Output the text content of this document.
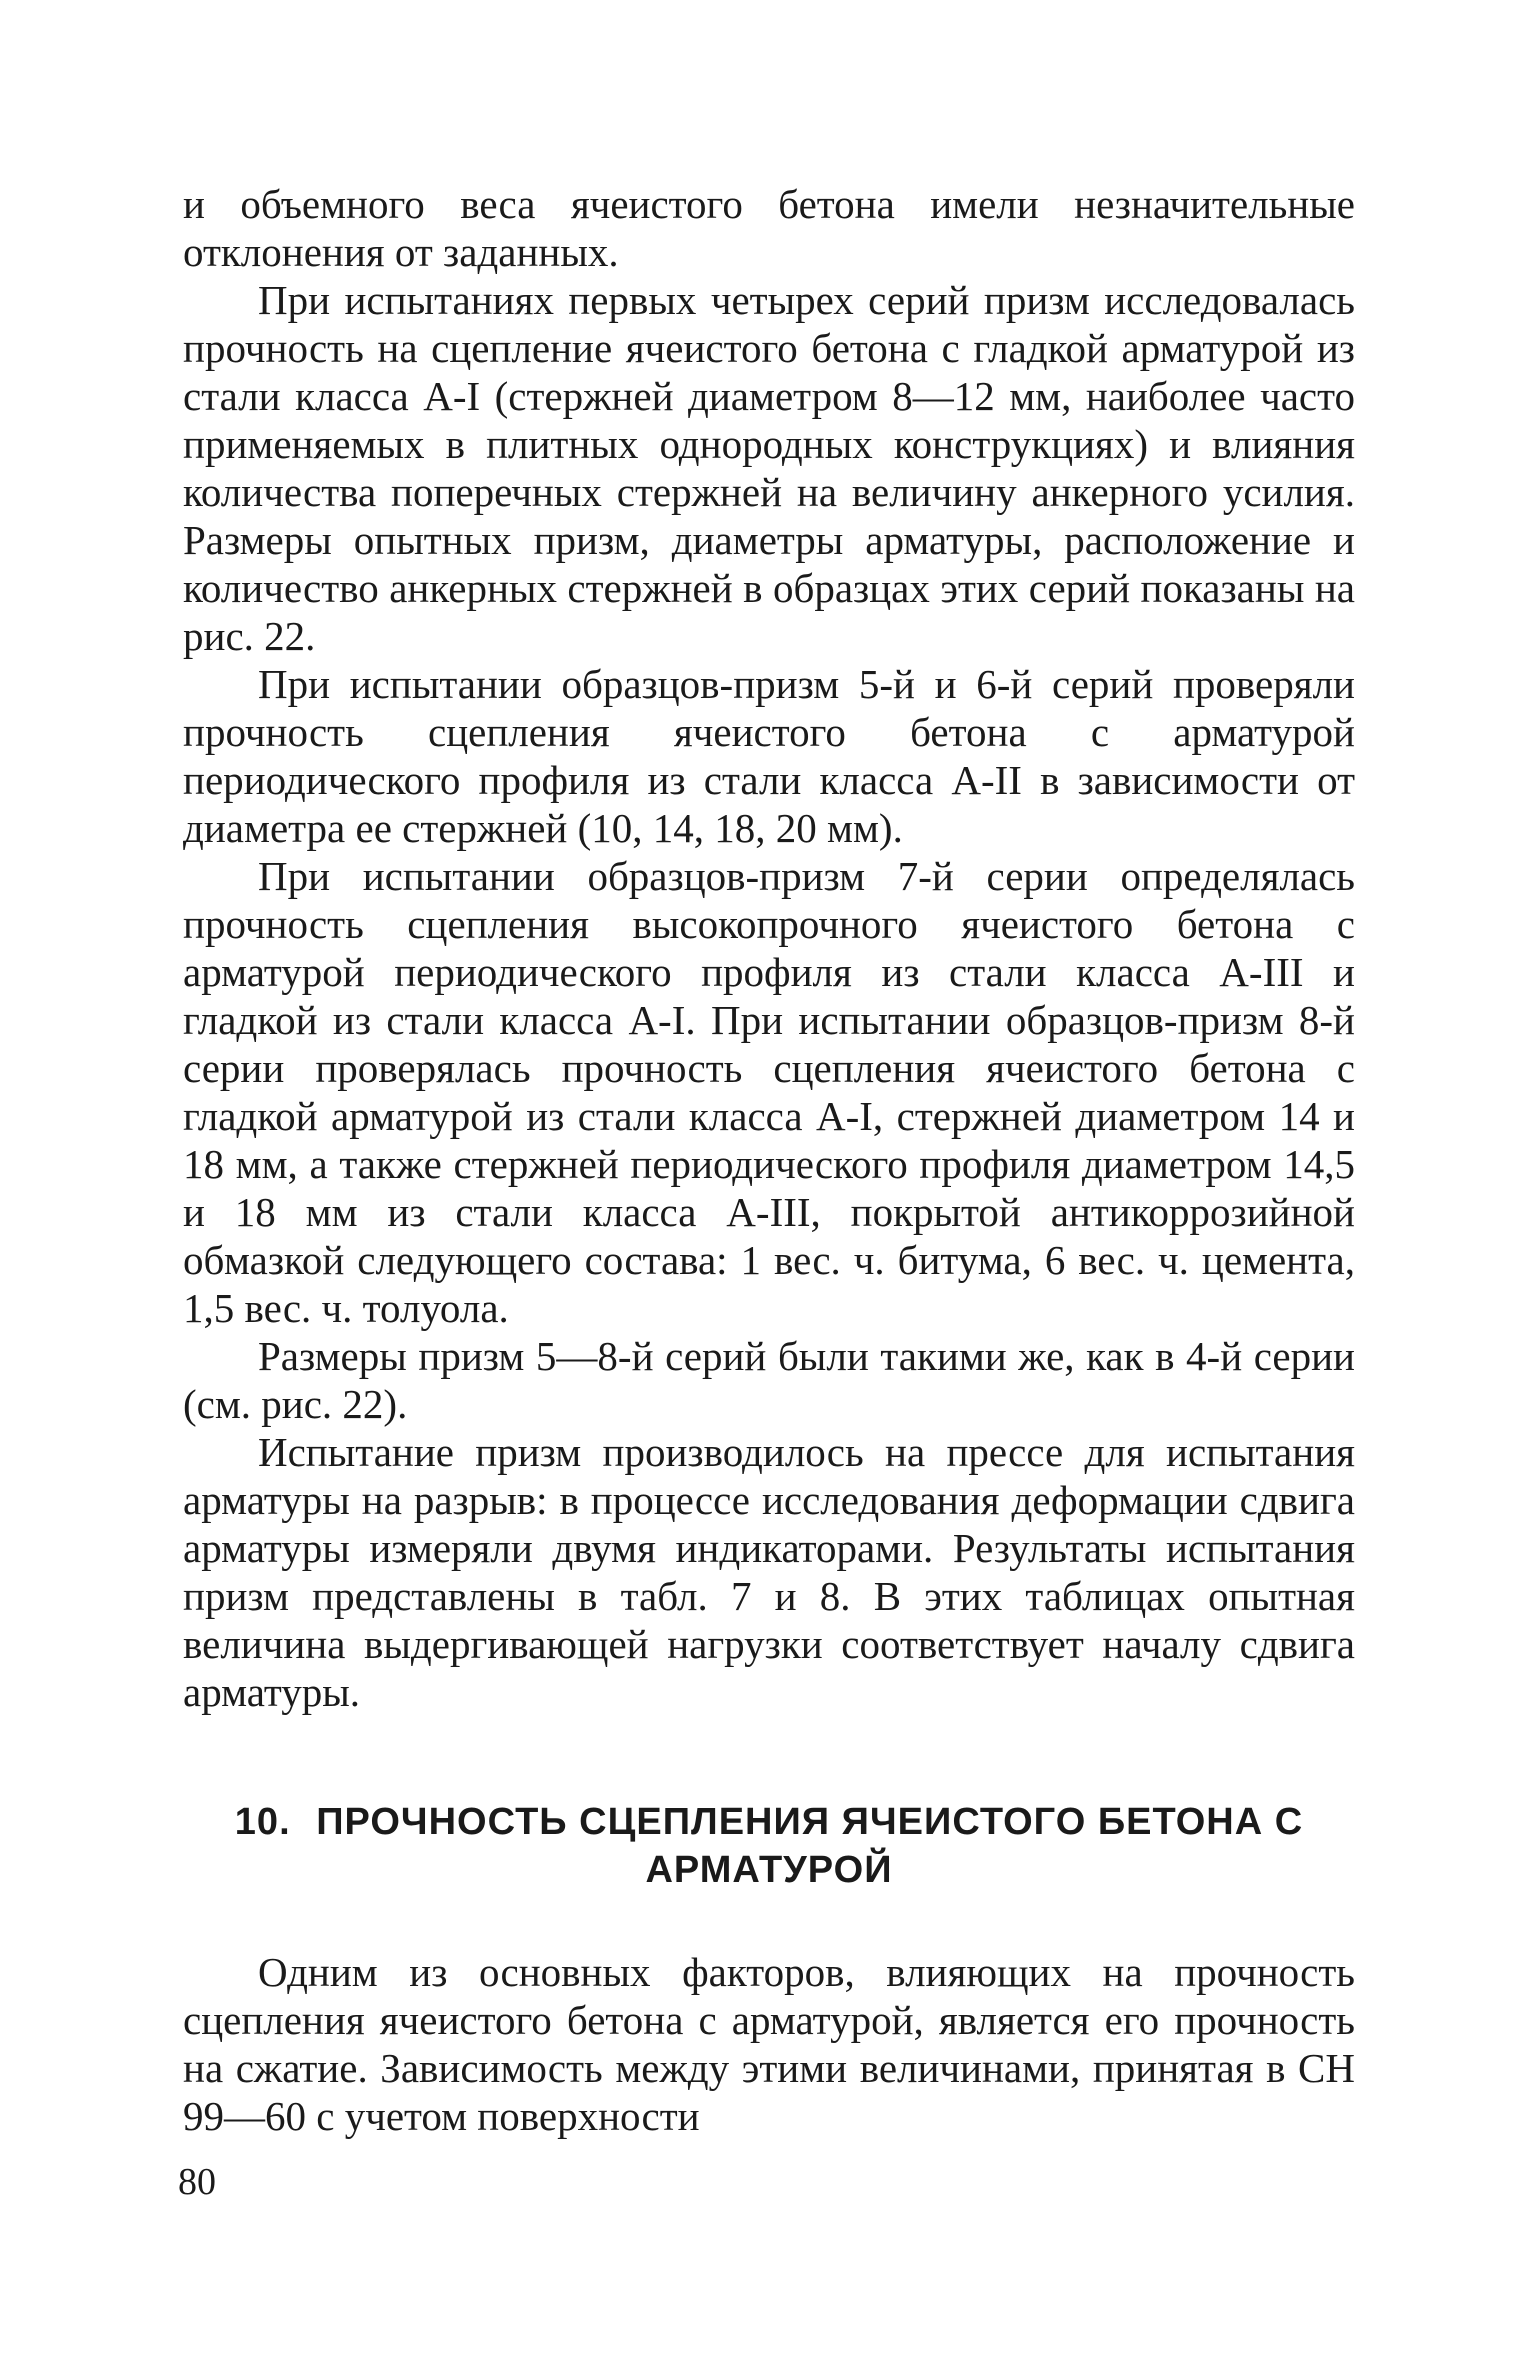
и объемного веса ячеистого бетона имели незначительные отклонения от заданных.

При испытаниях первых четырех серий призм исследовалась прочность на сцепление ячеистого бетона с гладкой арматурой из стали класса А-I (стержней диаметром 8—12 мм, наиболее часто применяемых в плитных однородных конструкциях) и влияния количества поперечных стержней на величину анкерного усилия. Размеры опытных призм, диаметры арматуры, расположение и количество анкерных стержней в образцах этих серий показаны на рис. 22.

При испытании образцов-призм 5-й и 6-й серий проверяли прочность сцепления ячеистого бетона с арматурой периодического профиля из стали класса А-II в зависимости от диаметра ее стержней (10, 14, 18, 20 мм).

При испытании образцов-призм 7-й серии определялась прочность сцепления высокопрочного ячеистого бетона с арматурой периодического профиля из стали класса А-III и гладкой из стали класса А-I. При испытании образцов-призм 8-й серии проверялась прочность сцепления ячеистого бетона с гладкой арматурой из стали класса А-I, стержней диаметром 14 и 18 мм, а также стержней периодического профиля диаметром 14,5 и 18 мм из стали класса А-III, покрытой антикоррозийной обмазкой следующего состава: 1 вес. ч. битума, 6 вес. ч. цемента, 1,5 вес. ч. толуола.

Размеры призм 5—8-й серий были такими же, как в 4-й серии (см. рис. 22).

Испытание призм производилось на прессе для испытания арматуры на разрыв: в процессе исследования деформации сдвига арматуры измеряли двумя индикаторами. Результаты испытания призм представлены в табл. 7 и 8. В этих таблицах опытная величина выдергивающей нагрузки соответствует началу сдвига арматуры.

10. ПРОЧНОСТЬ СЦЕПЛЕНИЯ ЯЧЕИСТОГО БЕТОНА С АРМАТУРОЙ

Одним из основных факторов, влияющих на прочность сцепления ячеистого бетона с арматурой, является его прочность на сжатие. Зависимость между этими величинами, принятая в СН 99—60 с учетом поверхности

80
